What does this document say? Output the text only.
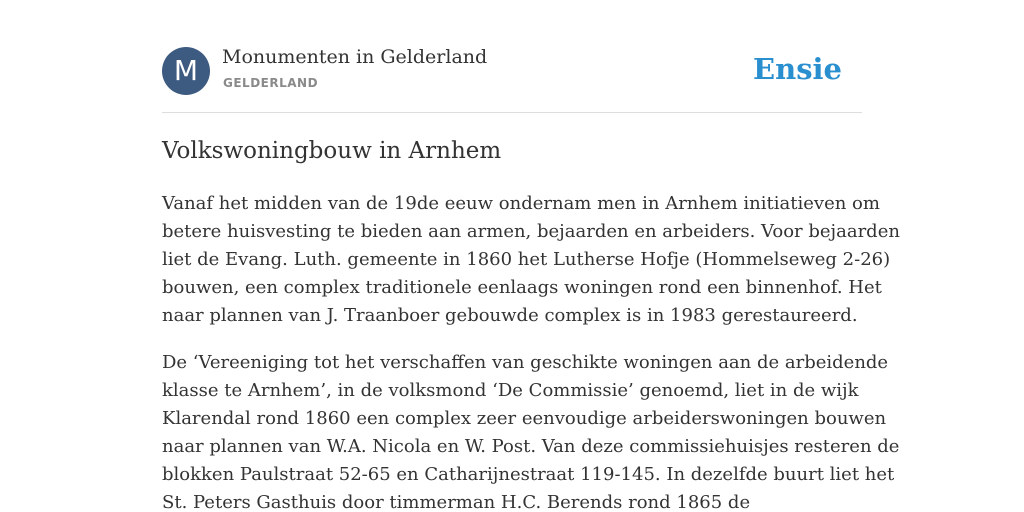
M	Monumenten in Gelderland
GELDERLAND	Ensie
Volkswoningbouw in Arnhem

Vanaf het midden van de 19de eeuw ondernam men in Arnhem initiatieven om
betere huisvesting te bieden aan armen, bejaarden en arbeiders. Voor bejaarden
liet de Evang. Luth. gemeente in 1860 het Lutherse Hofje (Hommelseweg 2-26)
bouwen, een complex traditionele eenlaags woningen rond een binnenhof. Het
naar plannen van J. Traanboer gebouwde complex is in 1983 gerestaureerd.

De ‘Vereeniging tot het verschaffen van geschikte woningen aan de arbeidende
klasse te Arnhem’, in de volksmond ‘De Commissie’ genoemd, liet in de wijk
Klarendal rond 1860 een complex zeer eenvoudige arbeiderswoningen bouwen
naar plannen van W.A. Nicola en W. Post. Van deze commissiehuisjes resteren de
blokken Paulstraat 52-65 en Catharijnestraat 119-145. In dezelfde buurt liet het
St. Peters Gasthuis door timmerman H.C. Berends rond 1865 de
